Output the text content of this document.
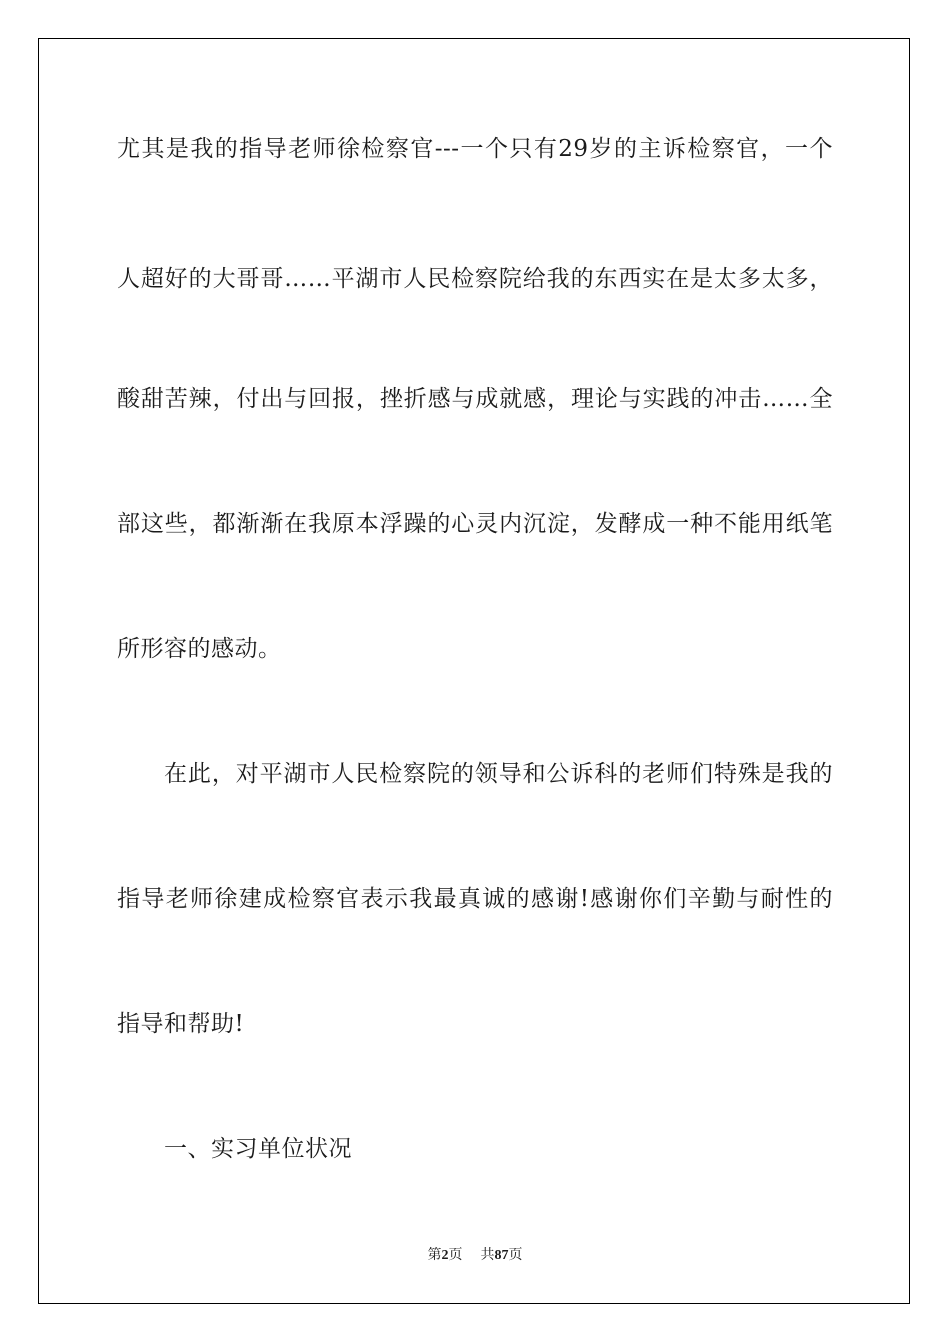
尤其是我的指导老师徐检察官---一个只有29岁的主诉检察官，一个
人超好的大哥哥……平湖市人民检察院给我的东西实在是太多太多，
酸甜苦辣，付出与回报，挫折感与成就感，理论与实践的冲击……全
部这些，都渐渐在我原本浮躁的心灵内沉淀，发酵成一种不能用纸笔
所形容的感动。
在此，对平湖市人民检察院的领导和公诉科的老师们特殊是我的
指导老师徐建成检察官表示我最真诚的感谢!感谢你们辛勤与耐性的
指导和帮助!
一、实习单位状况
第2页 共87页
